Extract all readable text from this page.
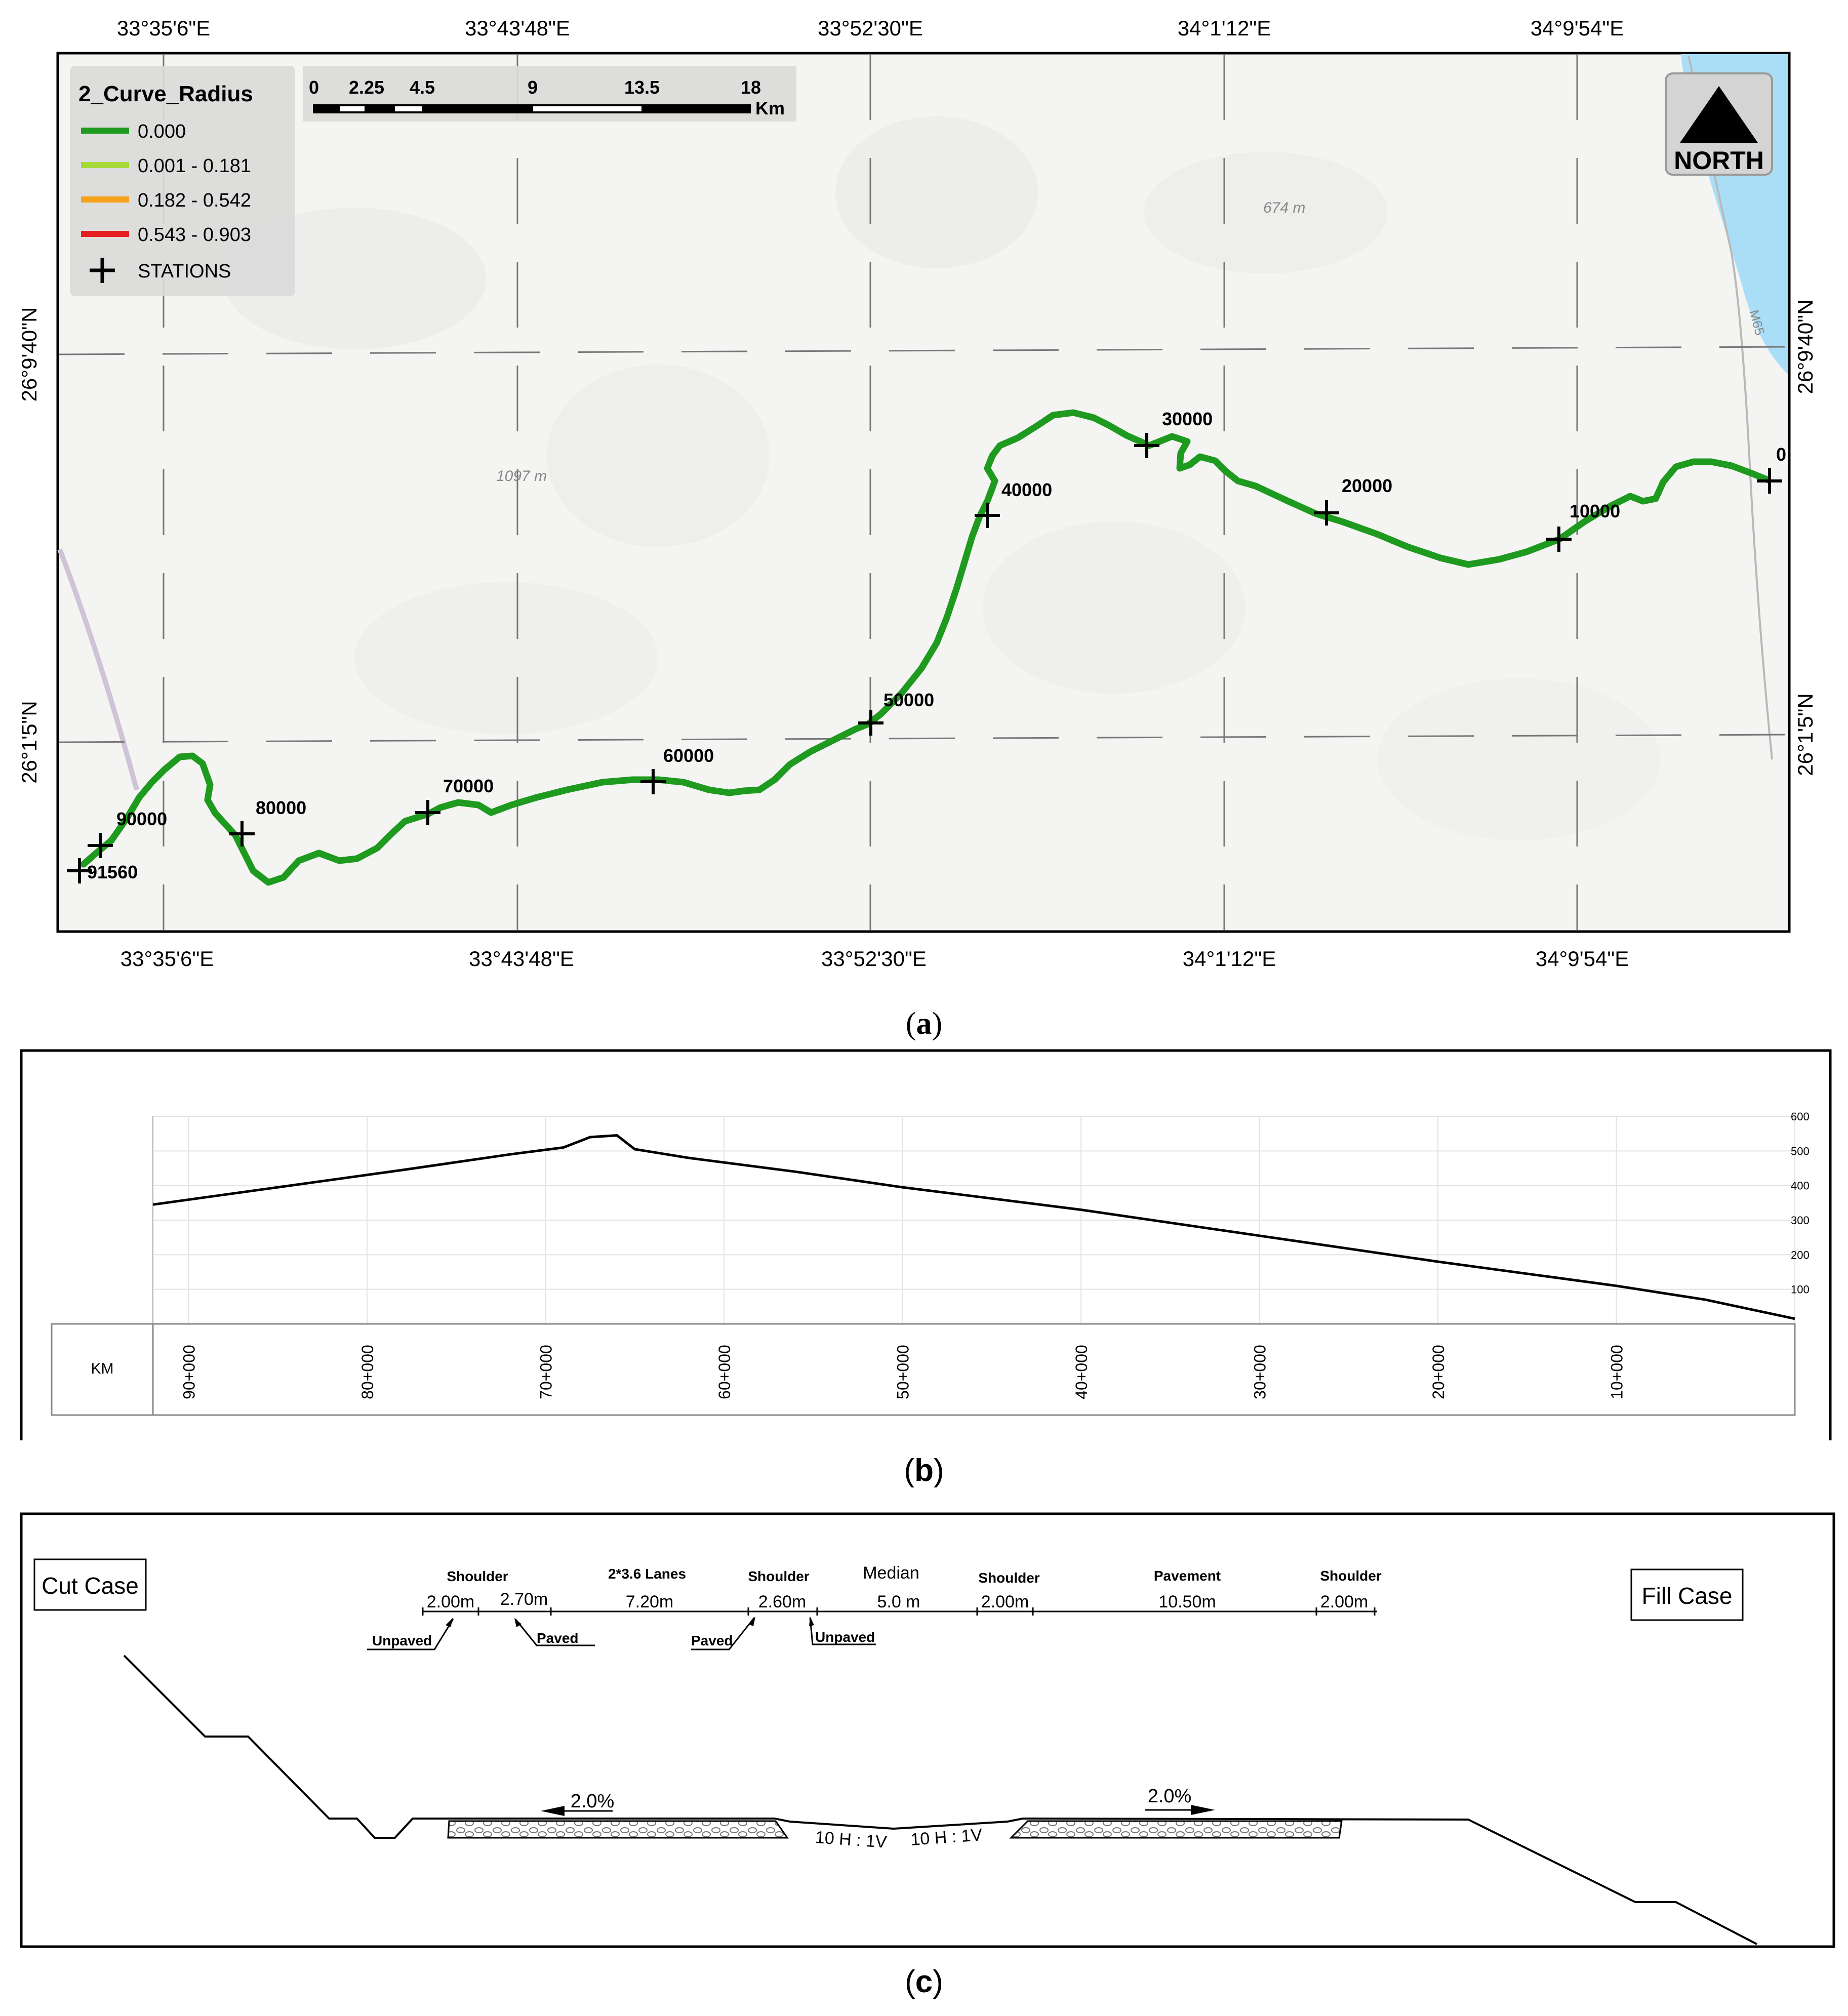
M65
1097 m
674 m
0
10000
20000
30000
40000
50000
60000
70000
80000
90000
91560
2_Curve_Radius
0.000
0.001 - 0.181
0.182 - 0.542
0.543 - 0.903
STATIONS
0 2.25 4.5	9	13.5	18
Km
NORTH
33°35'6"E	33°43'48"E	33°52'30"E	34°1'12"E	34°9'54"E
33°35'6"E	33°43'48"E	33°52'30"E	34°1'12"E	34°9'54"E
26°9'40"N
26°1'5"N
26°9'40"N
26°1'5"N
(a)
600
500
400
300
200
100
KM	90+000	80+000	70+000	60+000	50+000	40+000	30+000	20+000	10+000
(b)
Cut Case	Fill Case
Shoulder	2*3.6 Lanes	Shoulder	Median	Shoulder	Pavement	Shoulder
2.00m 2.70m	7.20m	2.60m	5.0 m	2.00m	10.50m	2.00m
Unpaved	Paved	Paved	Unpaved
2.0%	2.0%
10 H : 1V 10 H : 1V
(c)
